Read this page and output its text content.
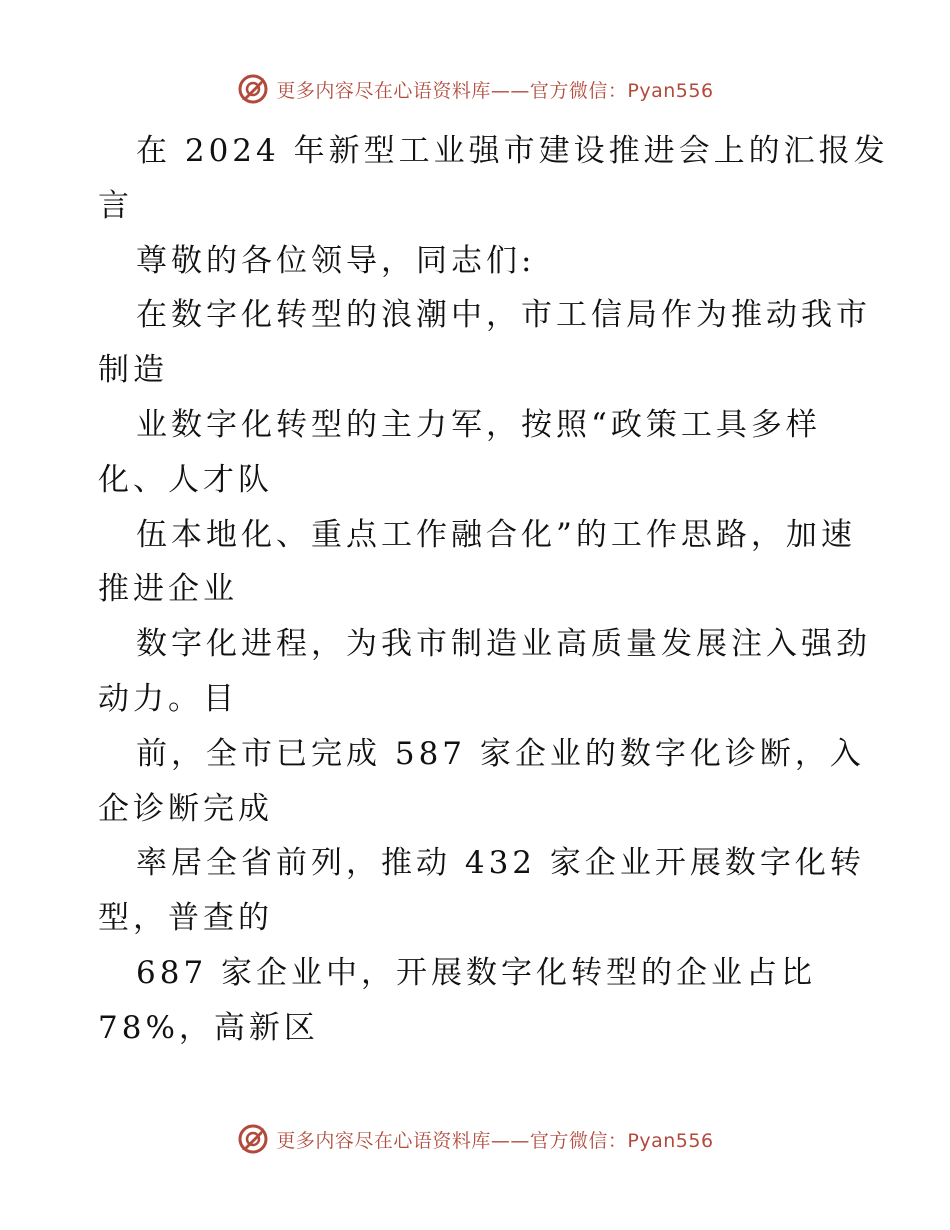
更多内容尽在心语资料库——官方微信：Pyan556
在 2024 年新型工业强市建设推进会上的汇报发
言
尊敬的各位领导，同志们:
在数字化转型的浪潮中，市工信局作为推动我市
制造
业数字化转型的主力军，按照“政策工具多样
化、人才队
伍本地化、重点工作融合化”的工作思路，加速
推进企业
数字化进程，为我市制造业高质量发展注入强劲
动力。目
前，全市已完成 587 家企业的数字化诊断，入
企诊断完成
率居全省前列，推动 432 家企业开展数字化转
型，普查的
687 家企业中，开展数字化转型的企业占比
78%，高新区
更多内容尽在心语资料库——官方微信：Pyan556
